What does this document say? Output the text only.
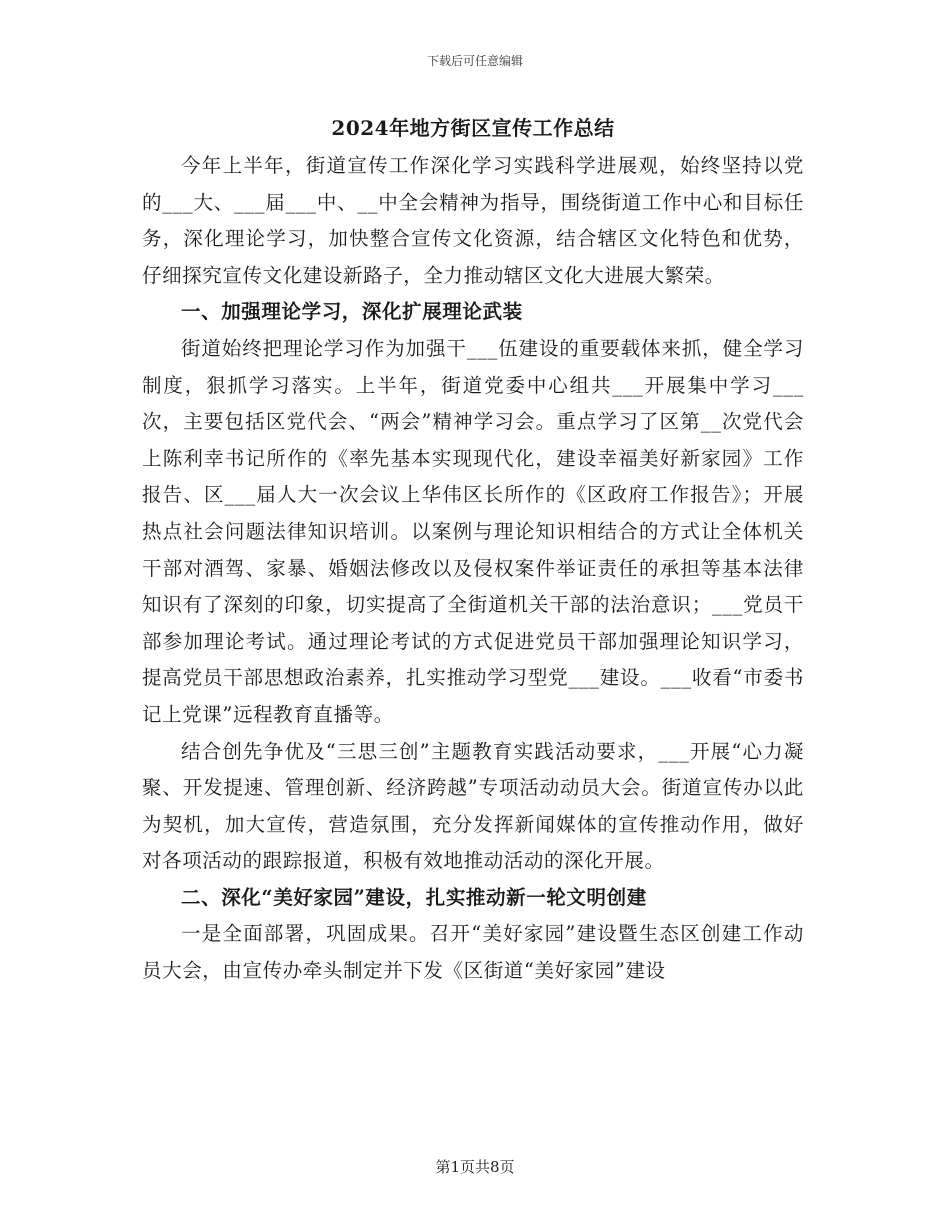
下载后可任意编辑
2024年地方街区宣传工作总结

今年上半年，街道宣传工作深化学习实践科学进展观，始终坚持以党的___大、___届___中、__中全会精神为指导，围绕街道工作中心和目标任务，深化理论学习，加快整合宣传文化资源，结合辖区文化特色和优势，仔细探究宣传文化建设新路子，全力推动辖区文化大进展大繁荣。

一、加强理论学习，深化扩展理论武装

街道始终把理论学习作为加强干___伍建设的重要载体来抓，健全学习制度，狠抓学习落实。上半年，街道党委中心组共___开展集中学习___次，主要包括区党代会、“两会”精神学习会。重点学习了区第__次党代会上陈利幸书记所作的《率先基本实现现代化，建设幸福美好新家园》工作报告、区___届人大一次会议上华伟区长所作的《区政府工作报告》；开展热点社会问题法律知识培训。以案例与理论知识相结合的方式让全体机关干部对酒驾、家暴、婚姻法修改以及侵权案件举证责任的承担等基本法律知识有了深刻的印象，切实提高了全街道机关干部的法治意识；___党员干部参加理论考试。通过理论考试的方式促进党员干部加强理论知识学习，提高党员干部思想政治素养，扎实推动学习型党___建设。___收看“市委书记上党课”远程教育直播等。

结合创先争优及“三思三创”主题教育实践活动要求，___开展“心力凝聚、开发提速、管理创新、经济跨越”专项活动动员大会。街道宣传办以此为契机，加大宣传，营造氛围，充分发挥新闻媒体的宣传推动作用，做好对各项活动的跟踪报道，积极有效地推动活动的深化开展。

二、深化“美好家园”建设，扎实推动新一轮文明创建

一是全面部署，巩固成果。召开“美好家园”建设暨生态区创建工作动员大会，由宣传办牵头制定并下发《区街道“美好家园”建设

第1页共8页
